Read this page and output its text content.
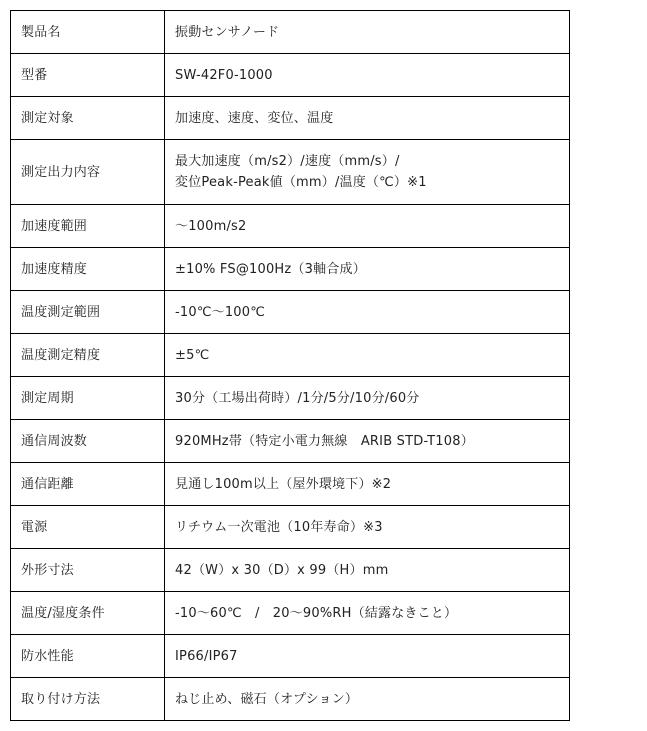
製品名	振動センサノード

型番	SW-42F0-1000

測定対象	加速度、速度、変位、温度

測定出力内容	最大加速度（m/s2）/速度（mm/s）/
変位Peak-Peak値（mm）/温度（℃）※1

加速度範囲	〜100m/s2

加速度精度	±10% FS@100Hz（3軸合成）

温度測定範囲	-10℃〜100℃

温度測定精度	±5℃

測定周期	30分（工場出荷時）/1分/5分/10分/60分

通信周波数	920MHz帯（特定小電力無線　ARIB STD-T108）

通信距離	見通し100m以上（屋外環境下）※2

電源	リチウム一次電池（10年寿命）※3

外形寸法	42（W）x 30（D）x 99（H）mm

温度/湿度条件	-10〜60℃　/　20〜90%RH（結露なきこと）

防水性能	IP66/IP67

取り付け方法	ねじ止め、磁石（オプション）
